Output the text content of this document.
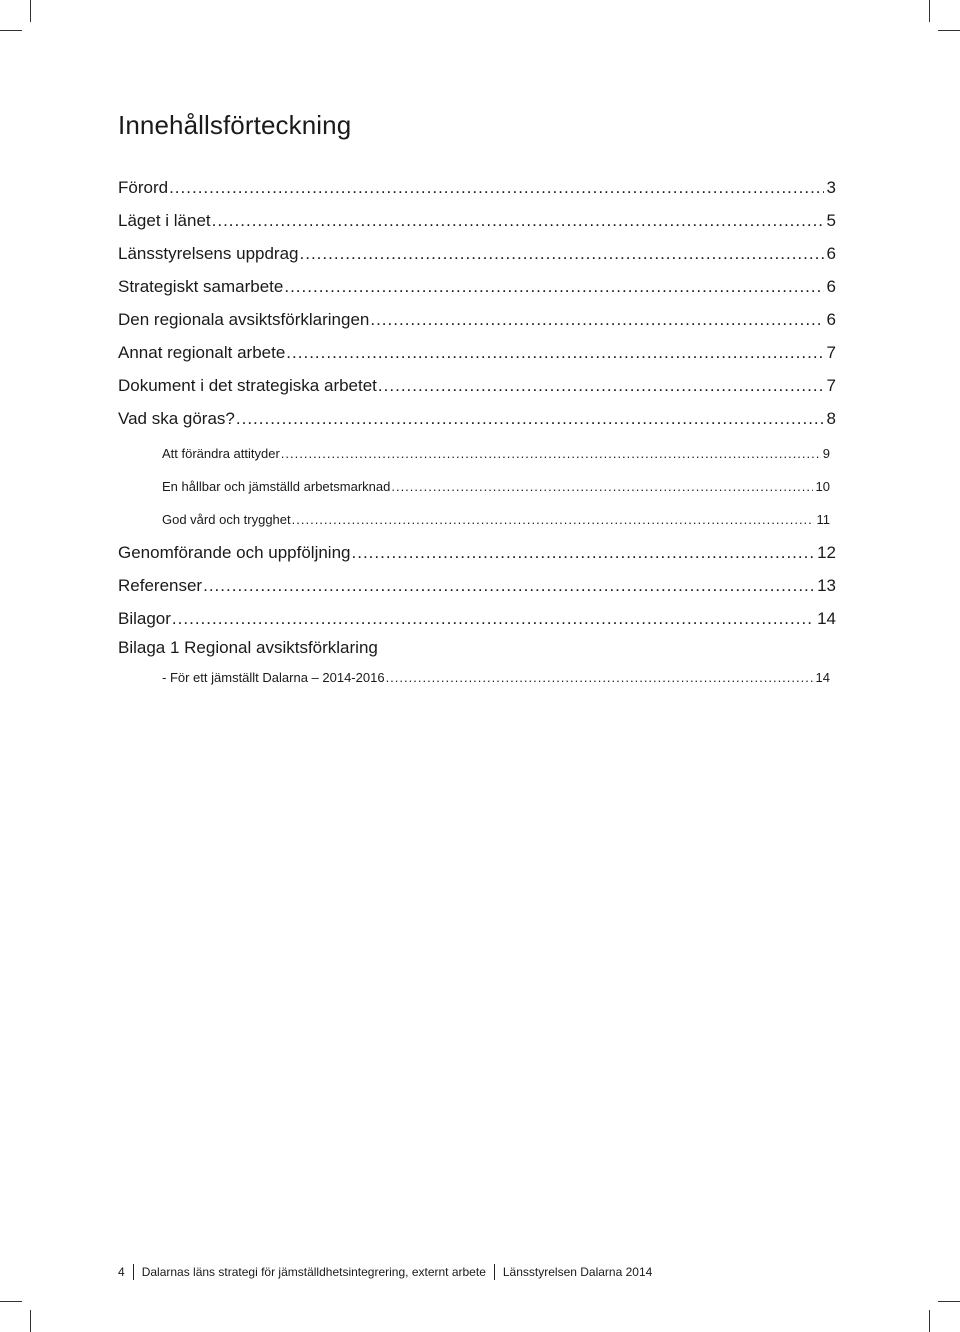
Innehållsförteckning
Förord .....	3
Läget i länet .....	5
Länsstyrelsens uppdrag .....	6
Strategiskt samarbete .....	6
Den regionala avsiktsförklaringen .....	6
Annat regionalt arbete .....	7
Dokument i det strategiska arbetet .....	7
Vad ska göras? .....	8
Att förändra attityder .....	9
En hållbar och jämställd arbetsmarknad .....	10
God vård och trygghet .....	11
Genomförande och uppföljning .....	12
Referenser .....	13
Bilagor .....	14
Bilaga 1 Regional avsiktsförklaring
- För ett jämställt Dalarna – 2014-2016 .....	14
4 Dalarnas läns strategi för jämställdhetsintegrering, externt arbete Länsstyrelsen Dalarna 2014
